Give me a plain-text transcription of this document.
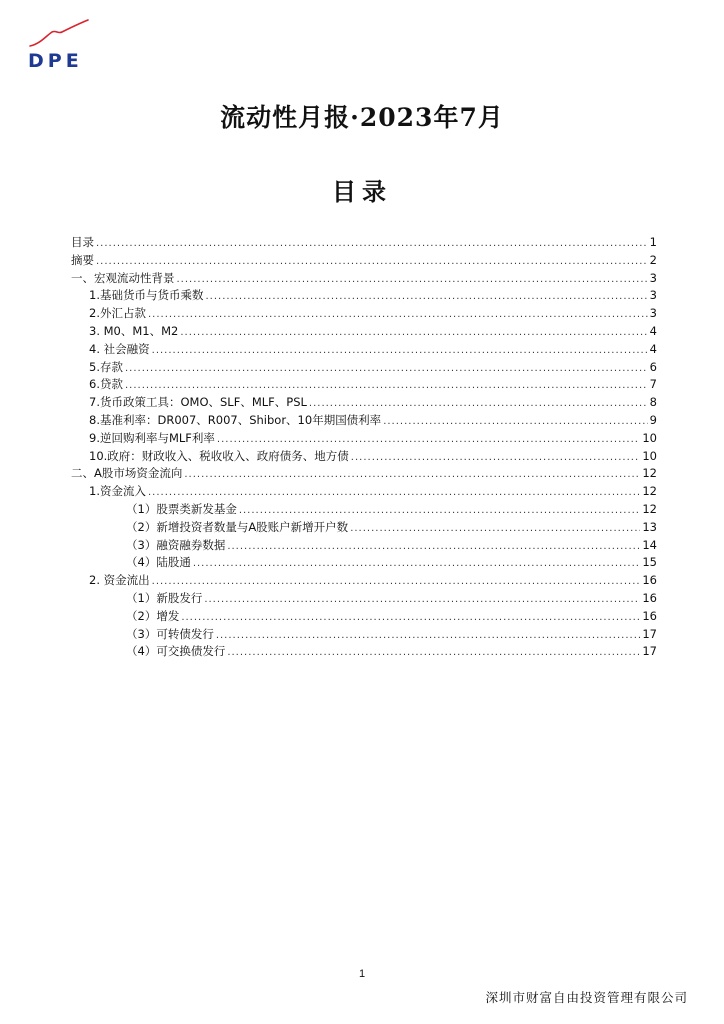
DPE
流动性月报·2023年7月
目录
目录 .....	1
摘要 .....	2
一、宏观流动性背景 .....	3
1.基础货币与货币乘数 .....	3
2.外汇占款 .....	3
3. M0、M1、M2 .....	4
4. 社会融资 .....	4
5.存款 .....	6
6.贷款 .....	7
7.货币政策工具：OMO、SLF、MLF、PSL .....	8
8.基准利率：DR007、R007、Shibor、10年期国债利率 .....	9
9.逆回购利率与MLF利率 .....	10
10.政府：财政收入、税收收入、政府债务、地方债 .....	10
二、A股市场资金流向 .....	12
1.资金流入 .....	12
（1）股票类新发基金 .....	12
（2）新增投资者数量与A股账户新增开户数 .....	13
（3）融资融券数据 .....	14
（4）陆股通 .....	15
2. 资金流出 .....	16
（1）新股发行 .....	16
（2）增发 .....	16
（3）可转债发行 .....	17
（4）可交换债发行 .....	17
1
深圳市财富自由投资管理有限公司
